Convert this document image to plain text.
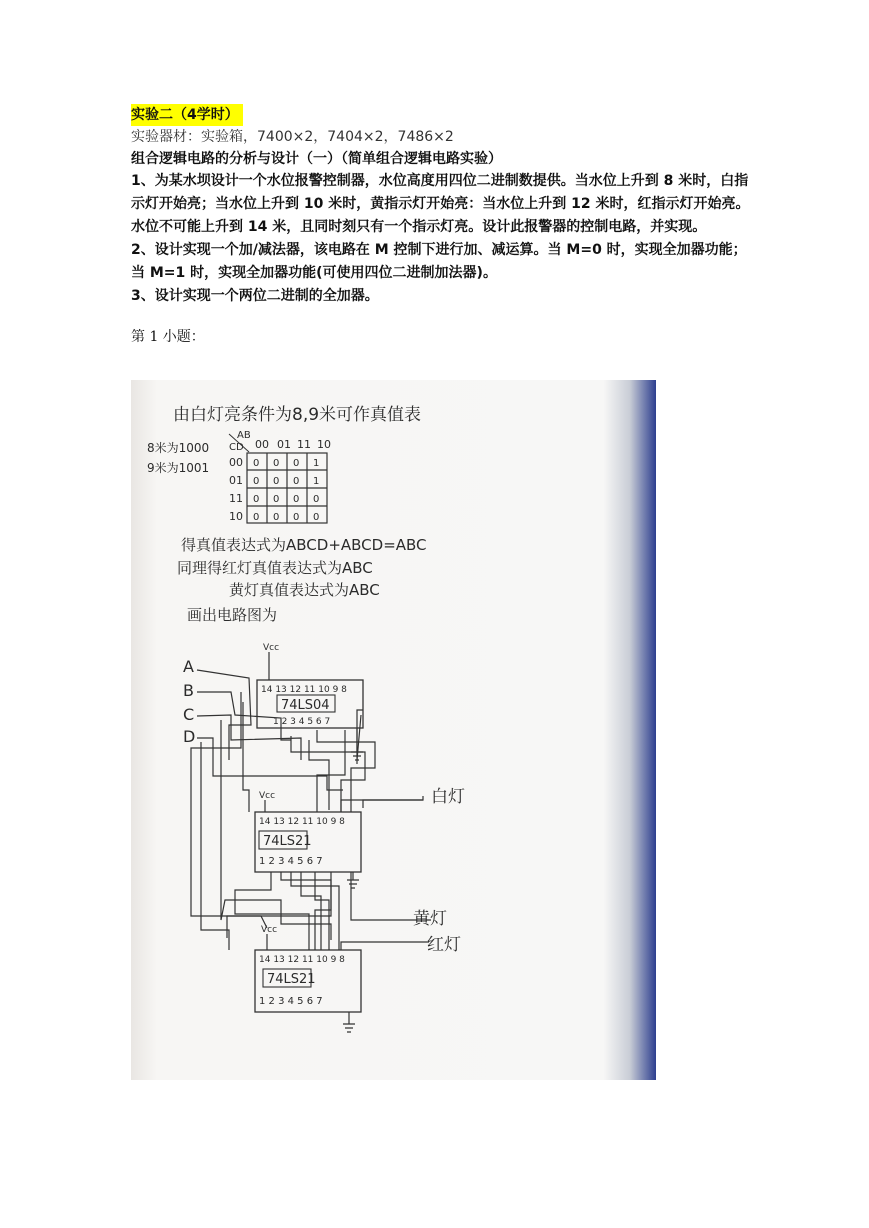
实验二（4学时）
实验器材：实验箱，7400×2，7404×2，7486×2
组合逻辑电路的分析与设计（一）（简单组合逻辑电路实验）
1、为某水坝设计一个水位报警控制器，水位高度用四位二进制数提供。当水位上升到 8 米时，白指示灯开始亮；当水位上升到 10 米时，黄指示灯开始亮：当水位上升到 12 米时，红指示灯开始亮。水位不可能上升到 14 米，且同时刻只有一个指示灯亮。设计此报警器的控制电路，并实现。
2、设计实现一个加/减法器，该电路在 M 控制下进行加、减运算。当 M=0 时，实现全加器功能；当 M=1 时，实现全加器功能(可使用四位二进制加法器)。
3、设计实现一个两位二进制的全加器。
第 1 小题：
由白灯亮条件为8,9米可作真值表
8米为1000
9米为1001
AB
CD 00 01 11 10
00
01
11
10
0 0 0 1
0 0 0 1
0 0 0 0
0 0 0 0
得真值表达式为ABCD+ABCD=ABC
同理得红灯真值表达式为ABC
黄灯真值表达式为ABC
画出电路图为
A
B
C
D
Vcc
14 13 12 11 10 9 8
74LS04
1 2 3 4 5 6 7
Vcc
14 13 12 11 10 9 8
74LS21
1 2 3 4 5 6 7
Vcc
14 13 12 11 10 9 8
74LS21
1 2 3 4 5 6 7
白灯
黄灯
红灯
